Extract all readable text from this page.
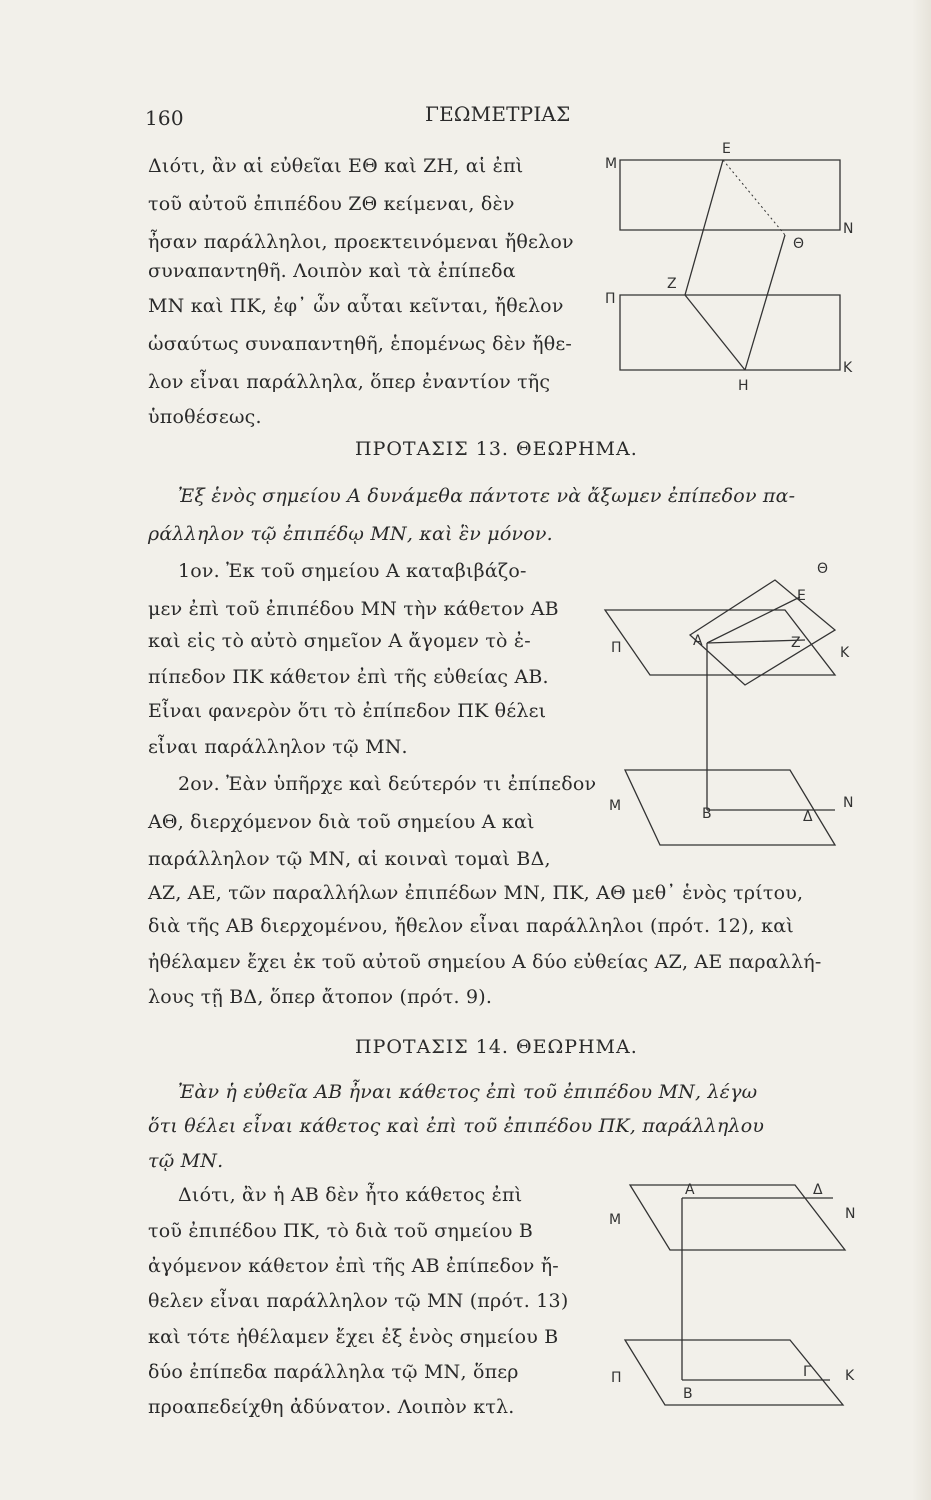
160	ΓΕΩΜΕΤΡΙΑΣ
Διότι, ἂν αἱ εὐθεῖαι ΕΘ καὶ ΖΗ, αἱ ἐπὶ
τοῦ αὐτοῦ ἐπιπέδου ΖΘ κείμεναι, δὲν
ἦσαν παράλληλοι, προεκτεινόμεναι ἤθελον
συναπαντηθῆ. Λοιπὸν καὶ τὰ ἐπίπεδα
ΜΝ καὶ ΠΚ, ἐφ᾽ ὧν αὗται κεῖνται, ἤθελον
ὡσαύτως συναπαντηθῆ, ἑπομένως δὲν ἤθε-
λον εἶναι παράλληλα, ὅπερ ἐναντίον τῆς
ὑποθέσεως.
Ε
Μ
Ν
Θ
Ζ
Π
Κ
Η
ΠΡΟΤΑΣΙΣ 13. ΘΕΩΡΗΜΑ.
Ἐξ ἑνὸς σημείου Α δυνάμεθα πάντοτε νὰ ἄξωμεν ἐπίπεδον πα-
ράλληλον τῷ ἐπιπέδῳ ΜΝ, καὶ ἓν μόνον.
1ον. Ἐκ τοῦ σημείου Α καταβιβάζο-
μεν ἐπὶ τοῦ ἐπιπέδου ΜΝ τὴν κάθετον ΑΒ
καὶ εἰς τὸ αὐτὸ σημεῖον Α ἄγομεν τὸ ἐ-
πίπεδον ΠΚ κάθετον ἐπὶ τῆς εὐθείας ΑΒ.
Εἶναι φανερὸν ὅτι τὸ ἐπίπεδον ΠΚ θέλει
εἶναι παράλληλον τῷ ΜΝ.
Θ
Ε
Α	Ζ
Π	Κ
Μ	Β	Δ
Ν
2ον. Ἐὰν ὑπῆρχε καὶ δεύτερόν τι ἐπίπεδον
ΑΘ, διερχόμενον διὰ τοῦ σημείου Α καὶ
παράλληλον τῷ ΜΝ, αἱ κοιναὶ τομαὶ ΒΔ,
ΑΖ, ΑΕ, τῶν παραλλήλων ἐπιπέδων ΜΝ, ΠΚ, ΑΘ μεθ᾽ ἑνὸς τρίτου,
διὰ τῆς ΑΒ διερχομένου, ἤθελον εἶναι παράλληλοι (πρότ. 12), καὶ
ἠθέλαμεν ἔχει ἐκ τοῦ αὐτοῦ σημείου Α δύο εὐθείας ΑΖ, ΑΕ παραλλή-
λους τῇ ΒΔ, ὅπερ ἄτοπον (πρότ. 9).
ΠΡΟΤΑΣΙΣ 14. ΘΕΩΡΗΜΑ.
Ἐὰν ἡ εὐθεῖα ΑΒ ἦναι κάθετος ἐπὶ τοῦ ἐπιπέδου ΜΝ, λέγω
ὅτι θέλει εἶναι κάθετος καὶ ἐπὶ τοῦ ἐπιπέδου ΠΚ, παράλληλου
τῷ ΜΝ.
Διότι, ἂν ἡ ΑΒ δὲν ἦτο κάθετος ἐπὶ
τοῦ ἐπιπέδου ΠΚ, τὸ διὰ τοῦ σημείου Β
ἀγόμενον κάθετον ἐπὶ τῆς ΑΒ ἐπίπεδον ἤ-
θελεν εἶναι παράλληλον τῷ ΜΝ (πρότ. 13)
καὶ τότε ἠθέλαμεν ἔχει ἐξ ἑνὸς σημείου Β
δύο ἐπίπεδα παράλληλα τῷ ΜΝ, ὅπερ
προαπεδείχθη ἀδύνατον. Λοιπὸν κτλ.
Α	Δ
Μ	Ν
Π
Β
Γ Κ
